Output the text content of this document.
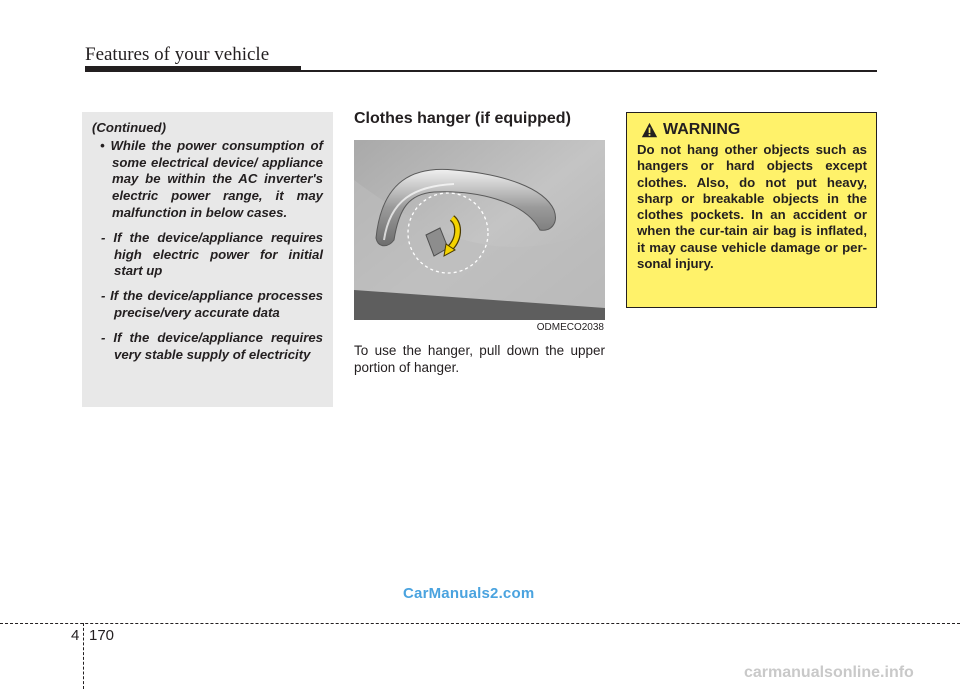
Features of your vehicle

(Continued)

• While the power consumption of some electrical device/ appliance may be within the AC inverter's electric power range, it may malfunction in below cases.

- If the device/appliance requires high electric power for initial start up

- If the device/appliance processes precise/very accurate data

- If the device/appliance requires very stable supply of electricity

Clothes hanger (if equipped)
ODMECO2038

To use the hanger, pull down the upper portion of hanger.

WARNING

Do not hang other objects such as hangers or hard objects except clothes. Also, do not put heavy, sharp or breakable objects in the clothes pockets. In an accident or when the cur-tain air bag is inflated, it may cause vehicle damage or per-sonal injury.

CarManuals2.com
4 170
carmanualsonline.info
